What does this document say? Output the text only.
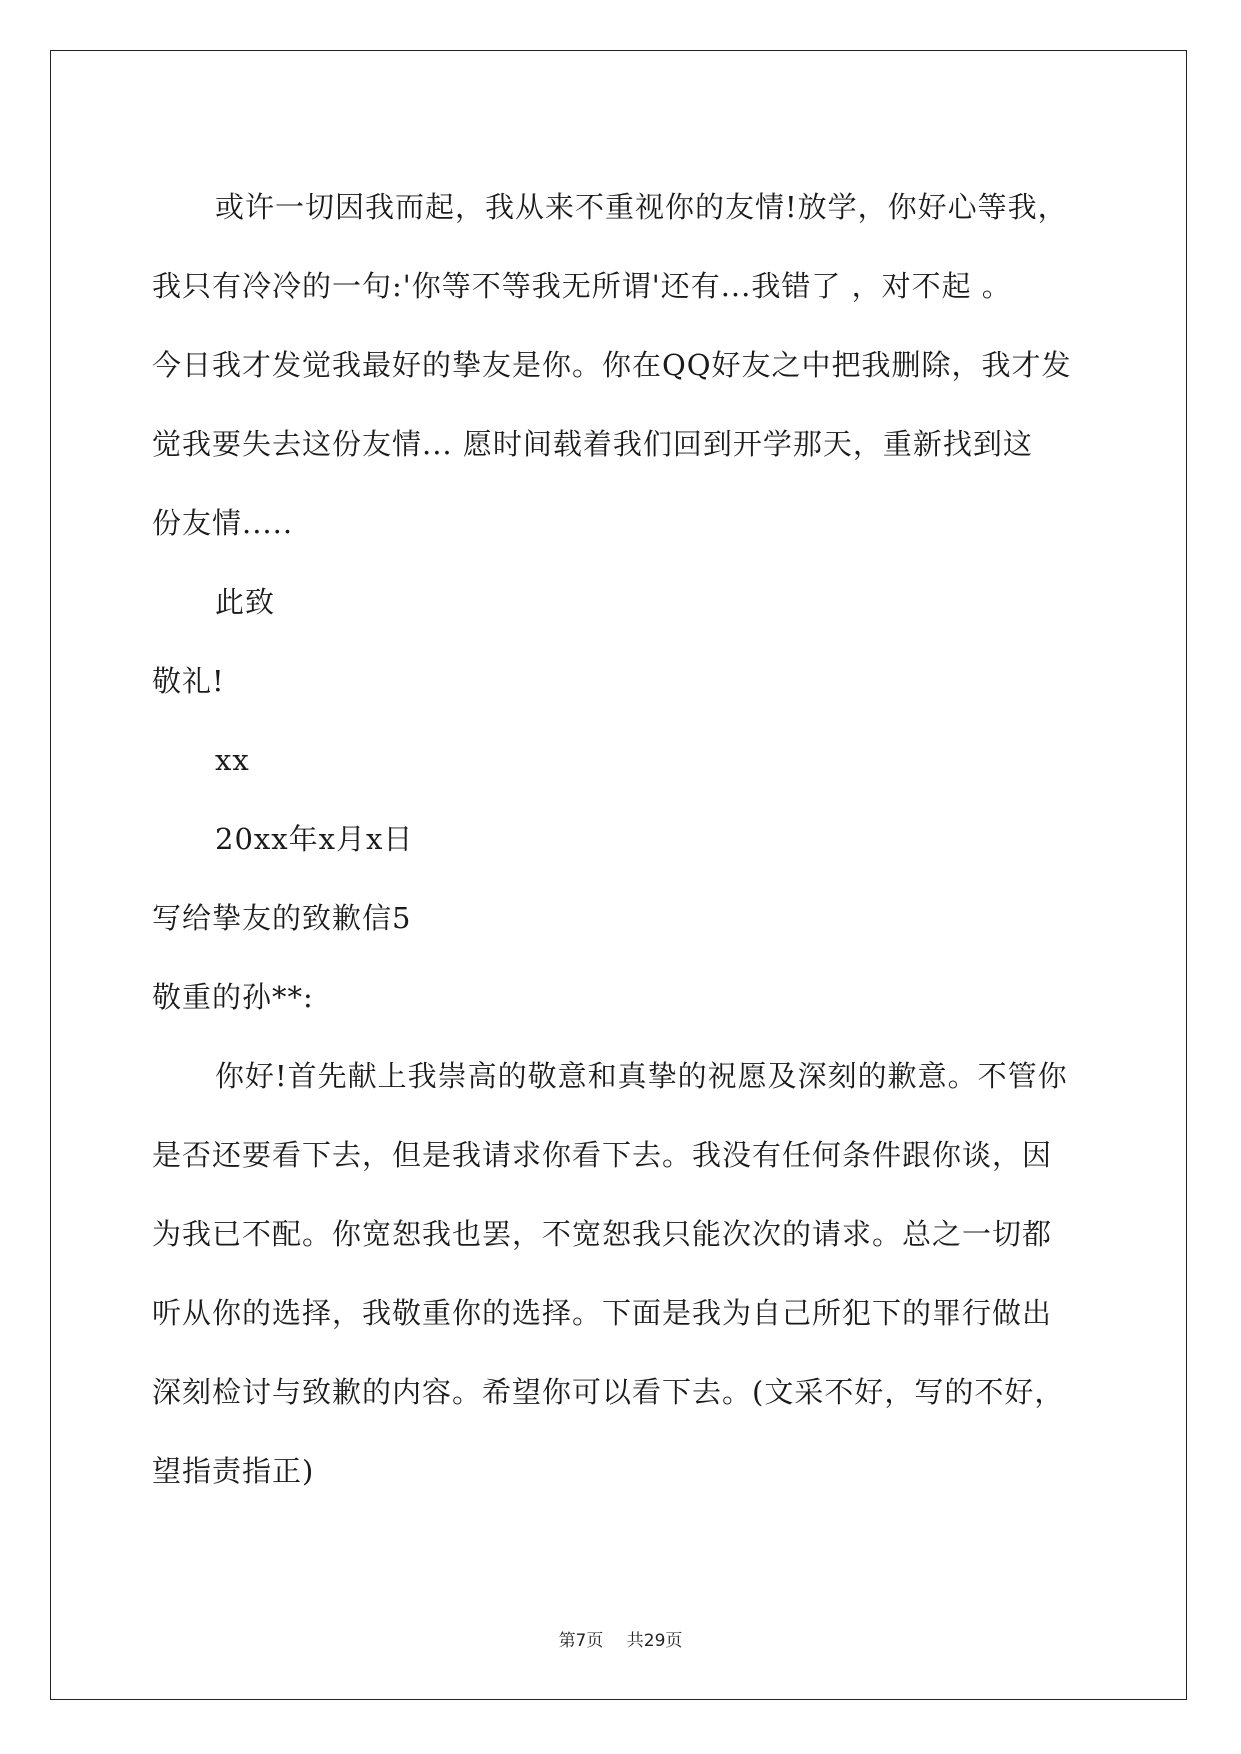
或许一切因我而起，我从来不重视你的友情!放学，你好心等我，
我只有冷冷的一句:'你等不等我无所谓'还有...我错了 ，对不起 。
今日我才发觉我最好的挚友是你。你在QQ好友之中把我删除，我才发
觉我要失去这份友情... 愿时间载着我们回到开学那天，重新找到这
份友情.....
此致
敬礼!
xx
20xx年x月x日
写给挚友的致歉信5
敬重的孙**:
你好!首先献上我崇高的敬意和真挚的祝愿及深刻的歉意。不管你
是否还要看下去，但是我请求你看下去。我没有任何条件跟你谈，因
为我已不配。你宽恕我也罢，不宽恕我只能次次的请求。总之一切都
听从你的选择，我敬重你的选择。下面是我为自己所犯下的罪行做出
深刻检讨与致歉的内容。希望你可以看下去。(文采不好，写的不好，
望指责指正)
第7页 共29页
